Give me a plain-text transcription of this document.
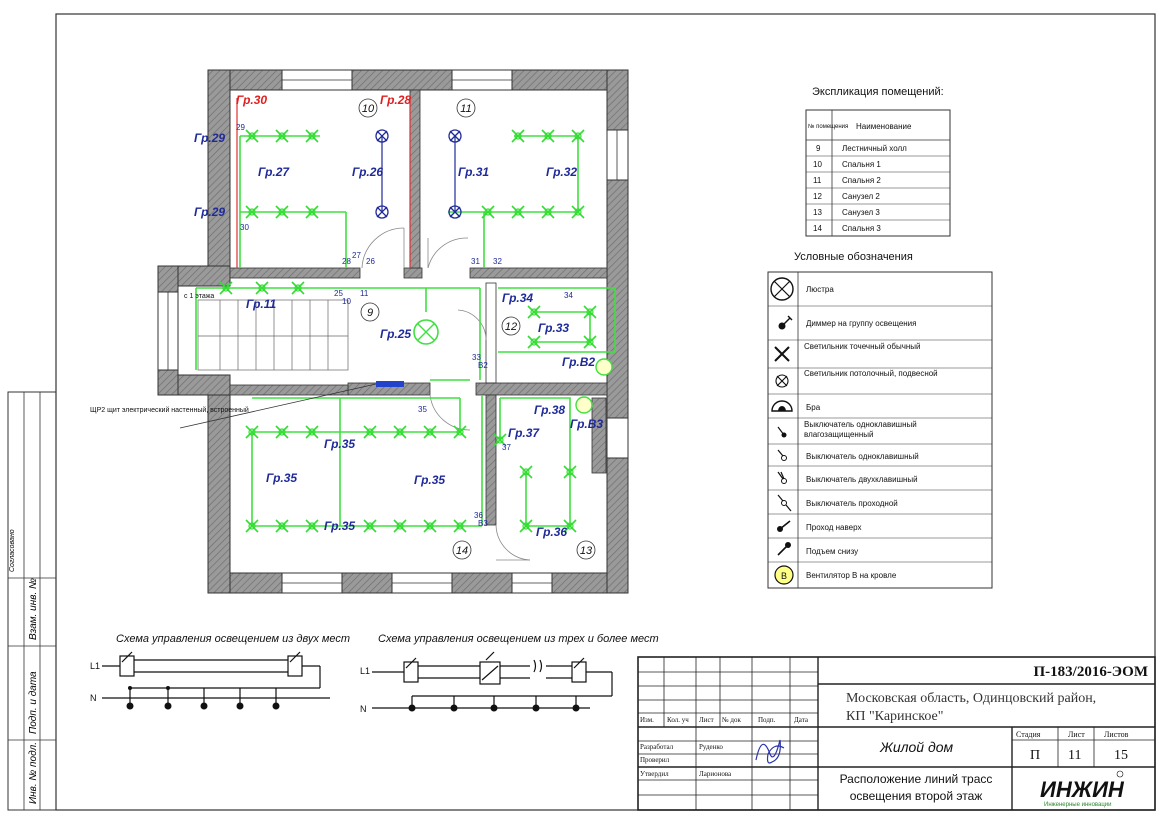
Инв. № подл.
Подп. и дата
Взам. инв. №
Согласовано
9
10	11
12
13
14
Гр.30	Гр.28
Гр.29
Гр.29
Гр.27	Гр.26	Гр.31	Гр.32
Гр.11
Гр.25
Гр.34
Гр.33
Гр.В2
Гр.38
Гр.37
Гр.В3
Гр.35
Гр.35	Гр.35
Гр.35	Гр.36
29
30
27
28 26	31 32
25
10
11	34
33
В2
35
37
36
В3
с 1 этажа
ЩР2 щит электрический настенный, встроенный
Экспликация помещений:
№ помещения Наименование
9	Лестничный холл
10	Спальня 1
11	Спальня 2
12	Санузел 2
13	Санузел 3
14	Спальня 3
Условные обозначения
В
Люстра
Диммер на группу освещения
Светильник точечный обычный
Светильник потолочный, подвесной
Бра
Выключатель одноклавишный влагозащищенный
Выключатель одноклавишный
Выключатель двухклавишный
Выключатель проходной
Проход наверх
Подъем снизу
Вентилятор В на кровле
Схема управления освещением из двух мест
L1
N
Схема управления освещением из трех и более мест
L1
N
Изм. Кол. уч Лист № док Подп.	Дата
Разработал	Руденко
Проверил
Утвердил	Ларионова
П-183/2016-ЭОМ
Московская область, Одинцовский район,
КП "Каринское"
Жилой дом
Расположение линий трасс
освещения второй этаж
Стадия	Лист Листов
П 11 15
ИНЖИН
Инженерные инновации
